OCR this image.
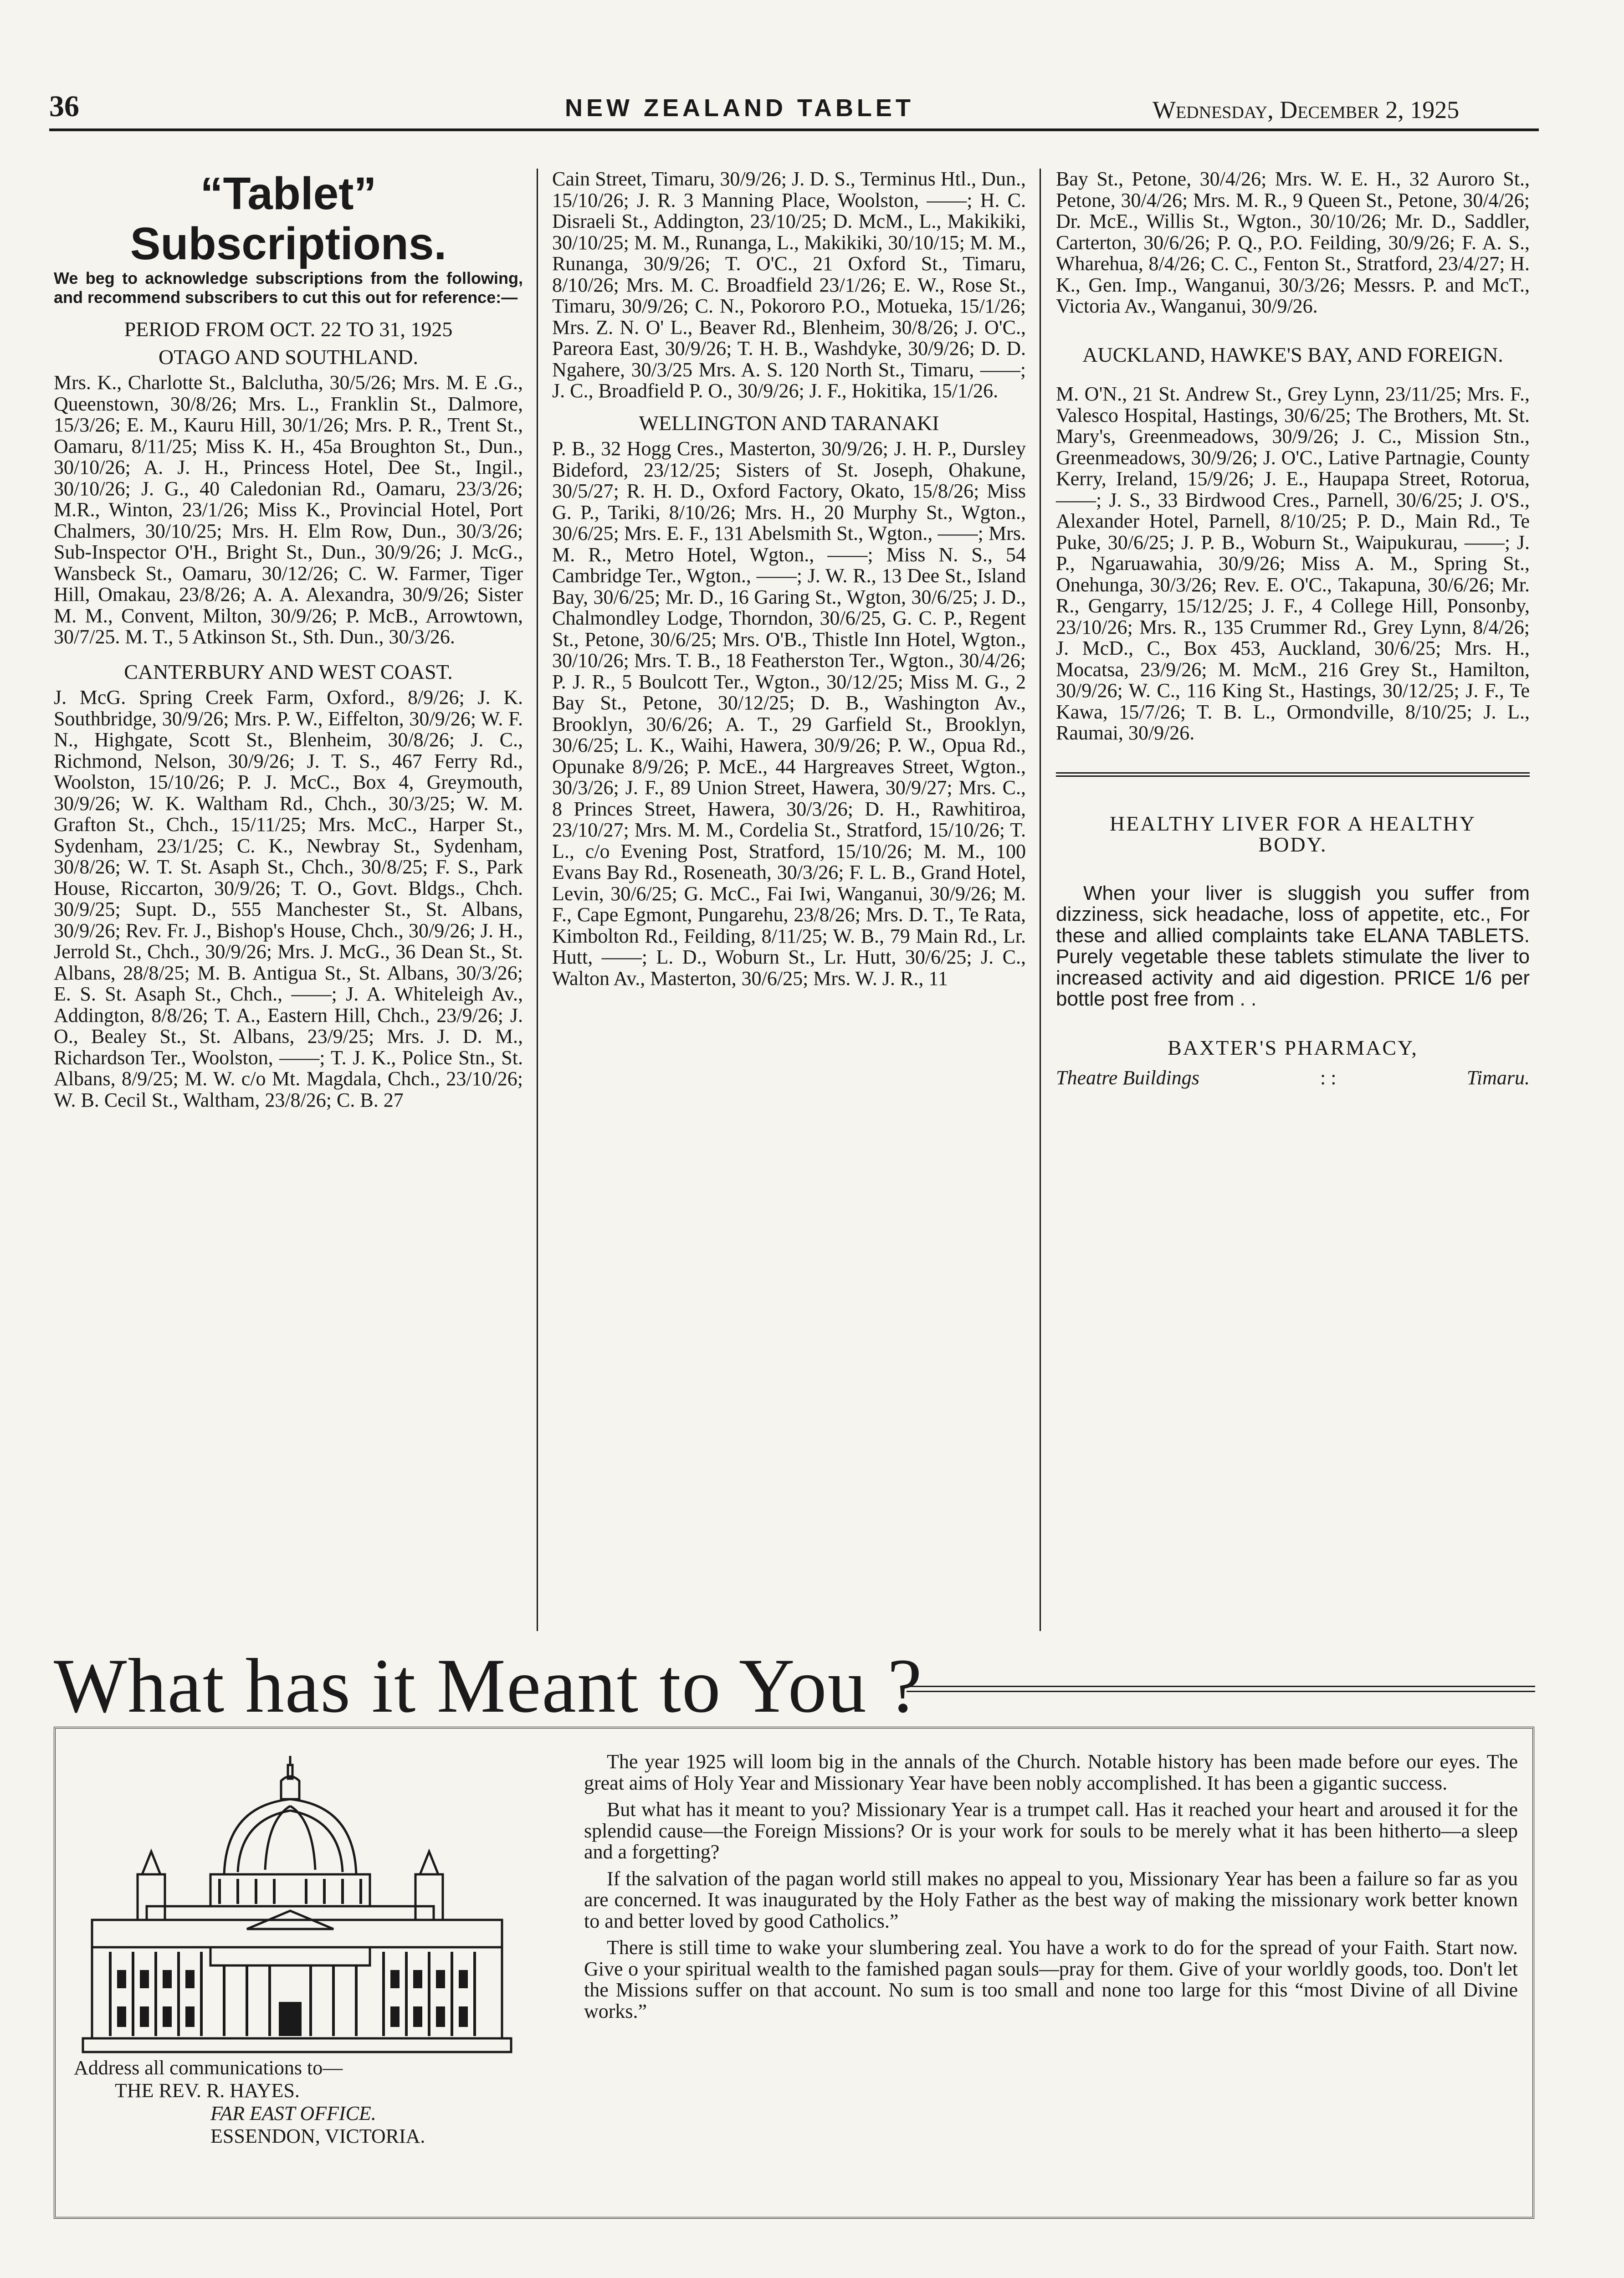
36	NEW ZEALAND TABLET	Wednesday, December 2, 1925

“Tablet” Subscriptions.

We beg to acknowledge subscriptions from the following, and recommend subscribers to cut this out for reference:—

PERIOD FROM OCT. 22 TO 31, 1925
OTAGO AND SOUTHLAND.

Mrs. K., Charlotte St., Balclutha, 30/5/26; Mrs. M. E .G., Queenstown, 30/8/26; Mrs. L., Franklin St., Dalmore, 15/3/26; E. M., Kauru Hill, 30/1/26; Mrs. P. R., Trent St., Oamaru, 8/11/25; Miss K. H., 45a Broughton St., Dun., 30/10/26; A. J. H., Princess Hotel, Dee St., Ingil., 30/10/26; J. G., 40 Caledonian Rd., Oamaru, 23/3/26; M.R., Winton, 23/1/26; Miss K., Provincial Hotel, Port Chalmers, 30/10/25; Mrs. H. Elm Row, Dun., 30/3/26; Sub-Inspector O'H., Bright St., Dun., 30/9/26; J. McG., Wansbeck St., Oamaru, 30/12/26; C. W. Farmer, Tiger Hill, Omakau, 23/8/26; A. A. Alexandra, 30/9/26; Sister M. M., Convent, Milton, 30/9/26; P. McB., Arrowtown, 30/7/25. M. T., 5 Atkinson St., Sth. Dun., 30/3/26.

CANTERBURY AND WEST COAST.

J. McG. Spring Creek Farm, Oxford., 8/9/26; J. K. Southbridge, 30/9/26; Mrs. P. W., Eiffelton, 30/9/26; W. F. N., Highgate, Scott St., Blenheim, 30/8/26; J. C., Richmond, Nelson, 30/9/26; J. T. S., 467 Ferry Rd., Woolston, 15/10/26; P. J. McC., Box 4, Greymouth, 30/9/26; W. K. Waltham Rd., Chch., 30/3/25; W. M. Grafton St., Chch., 15/11/25; Mrs. McC., Harper St., Sydenham, 23/1/25; C. K., Newbray St., Sydenham, 30/8/26; W. T. St. Asaph St., Chch., 30/8/25; F. S., Park House, Riccarton, 30/9/26; T. O., Govt. Bldgs., Chch. 30/9/25; Supt. D., 555 Manchester St., St. Albans, 30/9/26; Rev. Fr. J., Bishop's House, Chch., 30/9/26; J. H., Jerrold St., Chch., 30/9/26; Mrs. J. McG., 36 Dean St., St. Albans, 28/8/25; M. B. Antigua St., St. Albans, 30/3/26; E. S. St. Asaph St., Chch., ——; J. A. Whiteleigh Av., Addington, 8/8/26; T. A., Eastern Hill, Chch., 23/9/26; J. O., Bealey St., St. Albans, 23/9/25; Mrs. J. D. M., Richardson Ter., Woolston, ——; T. J. K., Police Stn., St. Albans, 8/9/25; M. W. c/o Mt. Magdala, Chch., 23/10/26; W. B. Cecil St., Waltham, 23/8/26; C. B. 27

Cain Street, Timaru, 30/9/26; J. D. S., Terminus Htl., Dun., 15/10/26; J. R. 3 Manning Place, Woolston, ——; H. C. Disraeli St., Addington, 23/10/25; D. McM., L., Makikiki, 30/10/25; M. M., Runanga, L., Makikiki, 30/10/15; M. M., Runanga, 30/9/26; T. O'C., 21 Oxford St., Timaru, 8/10/26; Mrs. M. C. Broadfield 23/1/26; E. W., Rose St., Timaru, 30/9/26; C. N., Pokororo P.O., Motueka, 15/1/26; Mrs. Z. N. O' L., Beaver Rd., Blenheim, 30/8/26; J. O'C., Pareora East, 30/9/26; T. H. B., Washdyke, 30/9/26; D. D. Ngahere, 30/3/25 Mrs. A. S. 120 North St., Timaru, ——; J. C., Broadfield P. O., 30/9/26; J. F., Hokitika, 15/1/26.

WELLINGTON AND TARANAKI

P. B., 32 Hogg Cres., Masterton, 30/9/26; J. H. P., Dursley Bideford, 23/12/25; Sisters of St. Joseph, Ohakune, 30/5/27; R. H. D., Oxford Factory, Okato, 15/8/26; Miss G. P., Tariki, 8/10/26; Mrs. H., 20 Murphy St., Wgton., 30/6/25; Mrs. E. F., 131 Abelsmith St., Wgton., ——; Mrs. M. R., Metro Hotel, Wgton., ——; Miss N. S., 54 Cambridge Ter., Wgton., ——; J. W. R., 13 Dee St., Island Bay, 30/6/25; Mr. D., 16 Garing St., Wgton, 30/6/25; J. D., Chalmondley Lodge, Thorndon, 30/6/25, G. C. P., Regent St., Petone, 30/6/25; Mrs. O'B., Thistle Inn Hotel, Wgton., 30/10/26; Mrs. T. B., 18 Featherston Ter., Wgton., 30/4/26; P. J. R., 5 Boulcott Ter., Wgton., 30/12/25; Miss M. G., 2 Bay St., Petone, 30/12/25; D. B., Washington Av., Brooklyn, 30/6/26; A. T., 29 Garfield St., Brooklyn, 30/6/25; L. K., Waihi, Hawera, 30/9/26; P. W., Opua Rd., Opunake 8/9/26; P. McE., 44 Hargreaves Street, Wgton., 30/3/26; J. F., 89 Union Street, Hawera, 30/9/27; Mrs. C., 8 Princes Street, Hawera, 30/3/26; D. H., Rawhitiroa, 23/10/27; Mrs. M. M., Cordelia St., Stratford, 15/10/26; T. L., c/o Evening Post, Stratford, 15/10/26; M. M., 100 Evans Bay Rd., Roseneath, 30/3/26; F. L. B., Grand Hotel, Levin, 30/6/25; G. McC., Fai Iwi, Wanganui, 30/9/26; M. F., Cape Egmont, Pungarehu, 23/8/26; Mrs. D. T., Te Rata, Kimbolton Rd., Feilding, 8/11/25; W. B., 79 Main Rd., Lr. Hutt, ——; L. D., Woburn St., Lr. Hutt, 30/6/25; J. C., Walton Av., Masterton, 30/6/25; Mrs. W. J. R., 11

Bay St., Petone, 30/4/26; Mrs. W. E. H., 32 Auroro St., Petone, 30/4/26; Mrs. M. R., 9 Queen St., Petone, 30/4/26; Dr. McE., Willis St., Wgton., 30/10/26; Mr. D., Saddler, Carterton, 30/6/26; P. Q., P.O. Feilding, 30/9/26; F. A. S., Wharehua, 8/4/26; C. C., Fenton St., Stratford, 23/4/27; H. K., Gen. Imp., Wanganui, 30/3/26; Messrs. P. and McT., Victoria Av., Wanganui, 30/9/26.

AUCKLAND, HAWKE'S BAY, AND FOREIGN.

M. O'N., 21 St. Andrew St., Grey Lynn, 23/11/25; Mrs. F., Valesco Hospital, Hastings, 30/6/25; The Brothers, Mt. St. Mary's, Greenmeadows, 30/9/26; J. C., Mission Stn., Greenmeadows, 30/9/26; J. O'C., Lative Partnagie, County Kerry, Ireland, 15/9/26; J. E., Haupapa Street, Rotorua, ——; J. S., 33 Birdwood Cres., Parnell, 30/6/25; J. O'S., Alexander Hotel, Parnell, 8/10/25; P. D., Main Rd., Te Puke, 30/6/25; J. P. B., Woburn St., Waipukurau, ——; J. P., Ngaruawahia, 30/9/26; Miss A. M., Spring St., Onehunga, 30/3/26; Rev. E. O'C., Takapuna, 30/6/26; Mr. R., Gengarry, 15/12/25; J. F., 4 College Hill, Ponsonby, 23/10/26; Mrs. R., 135 Crummer Rd., Grey Lynn, 8/4/26; J. McD., C., Box 453, Auckland, 30/6/25; Mrs. H., Mocatsa, 23/9/26; M. McM., 216 Grey St., Hamilton, 30/9/26; W. C., 116 King St., Hastings, 30/12/25; J. F., Te Kawa, 15/7/26; T. B. L., Ormondville, 8/10/25; J. L., Raumai, 30/9/26.

HEALTHY LIVER FOR A HEALTHY BODY.

When your liver is sluggish you suffer from dizziness, sick headache, loss of appetite, etc., For these and allied complaints take ELANA TABLETS. Purely vegetable these tablets stimulate the liver to increased activity and aid digestion. PRICE 1/6 per bottle post free from . .

BAXTER'S PHARMACY,
Theatre Buildings	: :	Timaru.
What has it Meant to You ?
Address all communications to—
THE REV. R. HAYES.
FAR EAST OFFICE.
ESSENDON, VICTORIA.

The year 1925 will loom big in the annals of the Church. Notable history has been made before our eyes. The great aims of Holy Year and Missionary Year have been nobly accomplished. It has been a gigantic success.

But what has it meant to you? Missionary Year is a trumpet call. Has it reached your heart and aroused it for the splendid cause—the Foreign Missions? Or is your work for souls to be merely what it has been hitherto—a sleep and a forgetting?

If the salvation of the pagan world still makes no appeal to you, Missionary Year has been a failure so far as you are concerned. It was inaugurated by the Holy Father as the best way of making the missionary work better known to and better loved by good Catholics.”

There is still time to wake your slumbering zeal. You have a work to do for the spread of your Faith. Start now. Give o your spiritual wealth to the famished pagan souls—pray for them. Give of your worldly goods, too. Don't let the Missions suffer on that account. No sum is too small and none too large for this “most Divine of all Divine works.”
